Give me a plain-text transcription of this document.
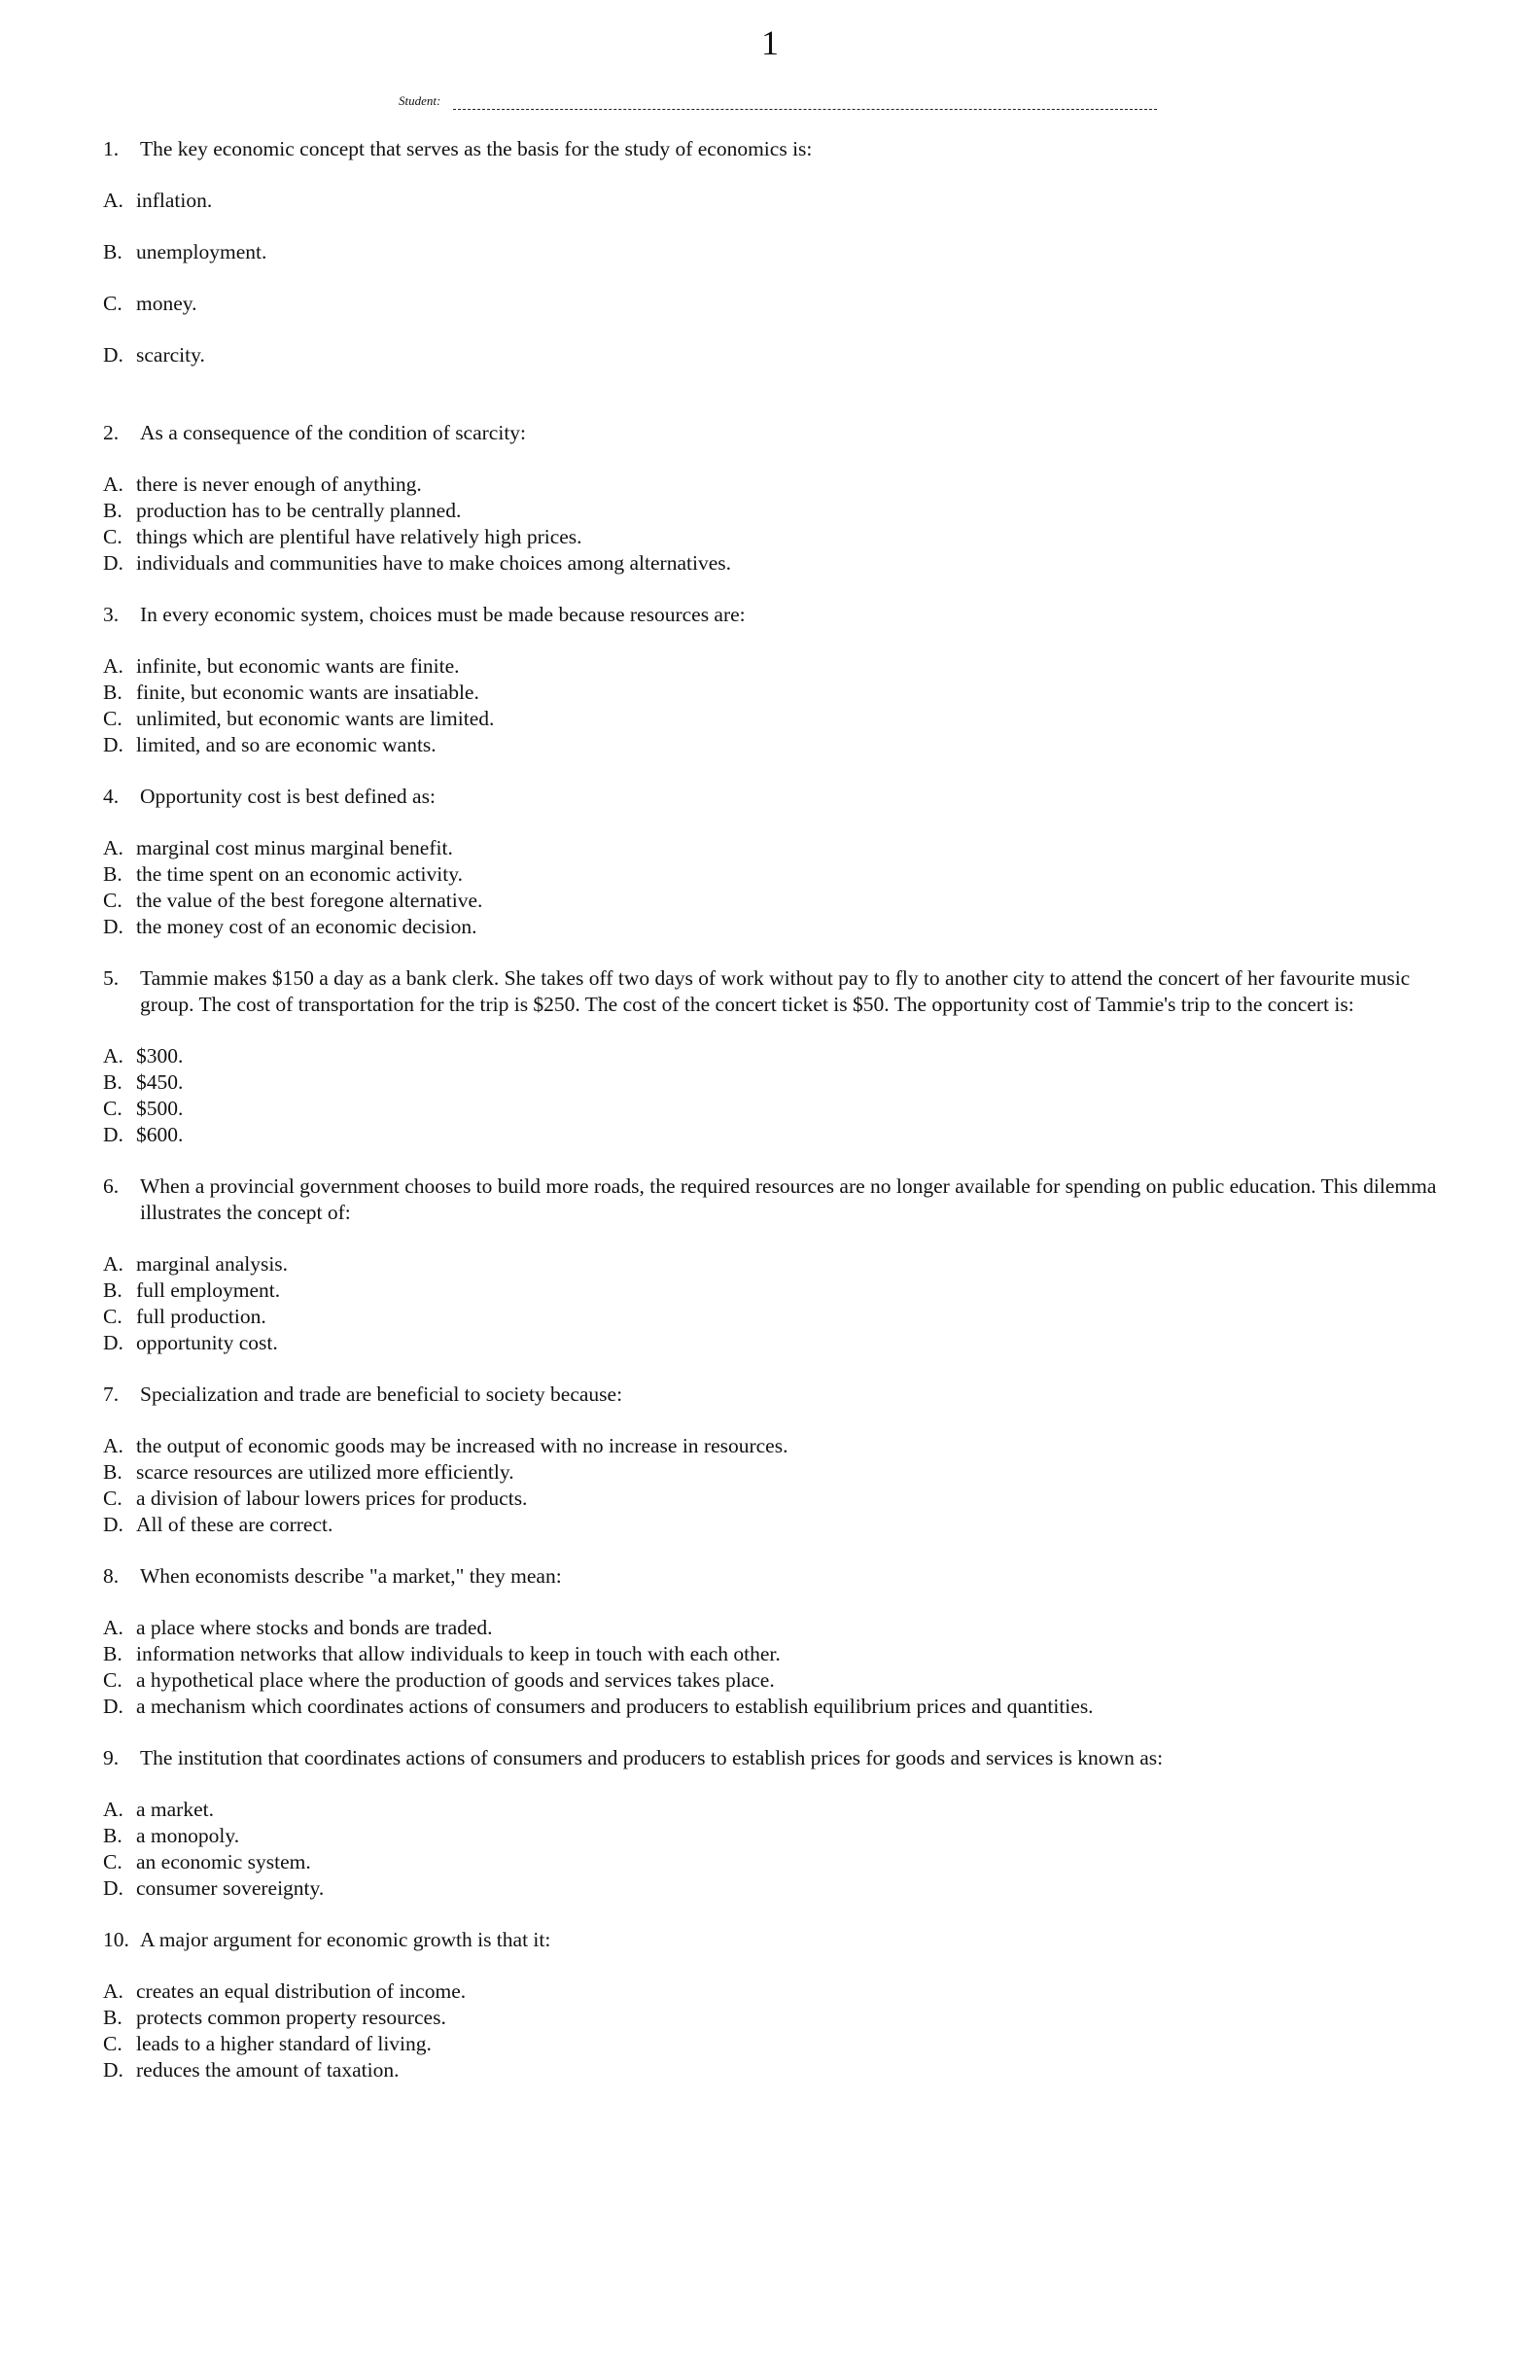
1
Student:
1.	The key economic concept that serves as the basis for the study of economics is:
A. inflation.
B. unemployment.
C. money.
D. scarcity.
2.	As a consequence of the condition of scarcity:
A. there is never enough of anything.
B. production has to be centrally planned.
C. things which are plentiful have relatively high prices.
D. individuals and communities have to make choices among alternatives.
3.	In every economic system, choices must be made because resources are:
A. infinite, but economic wants are finite.
B. finite, but economic wants are insatiable.
C. unlimited, but economic wants are limited.
D. limited, and so are economic wants.
4.	Opportunity cost is best defined as:
A. marginal cost minus marginal benefit.
B. the time spent on an economic activity.
C. the value of the best foregone alternative.
D. the money cost of an economic decision.
5.	Tammie makes $150 a day as a bank clerk. She takes off two days of work without pay to fly to another city to attend the concert of her favourite music group. The cost of transportation for the trip is $250. The cost of the concert ticket is $50. The opportunity cost of Tammie's trip to the concert is:
A. $300.
B. $450.
C. $500.
D. $600.
6.	When a provincial government chooses to build more roads, the required resources are no longer available for spending on public education. This dilemma illustrates the concept of:
A. marginal analysis.
B. full employment.
C. full production.
D. opportunity cost.
7.	Specialization and trade are beneficial to society because:
A. the output of economic goods may be increased with no increase in resources.
B. scarce resources are utilized more efficiently.
C. a division of labour lowers prices for products.
D. All of these are correct.
8.	When economists describe "a market," they mean:
A. a place where stocks and bonds are traded.
B. information networks that allow individuals to keep in touch with each other.
C. a hypothetical place where the production of goods and services takes place.
D. a mechanism which coordinates actions of consumers and producers to establish equilibrium prices and quantities.
9.	The institution that coordinates actions of consumers and producers to establish prices for goods and services is known as:
A. a market.
B. a monopoly.
C. an economic system.
D. consumer sovereignty.
10. A major argument for economic growth is that it:
A. creates an equal distribution of income.
B. protects common property resources.
C. leads to a higher standard of living.
D. reduces the amount of taxation.
